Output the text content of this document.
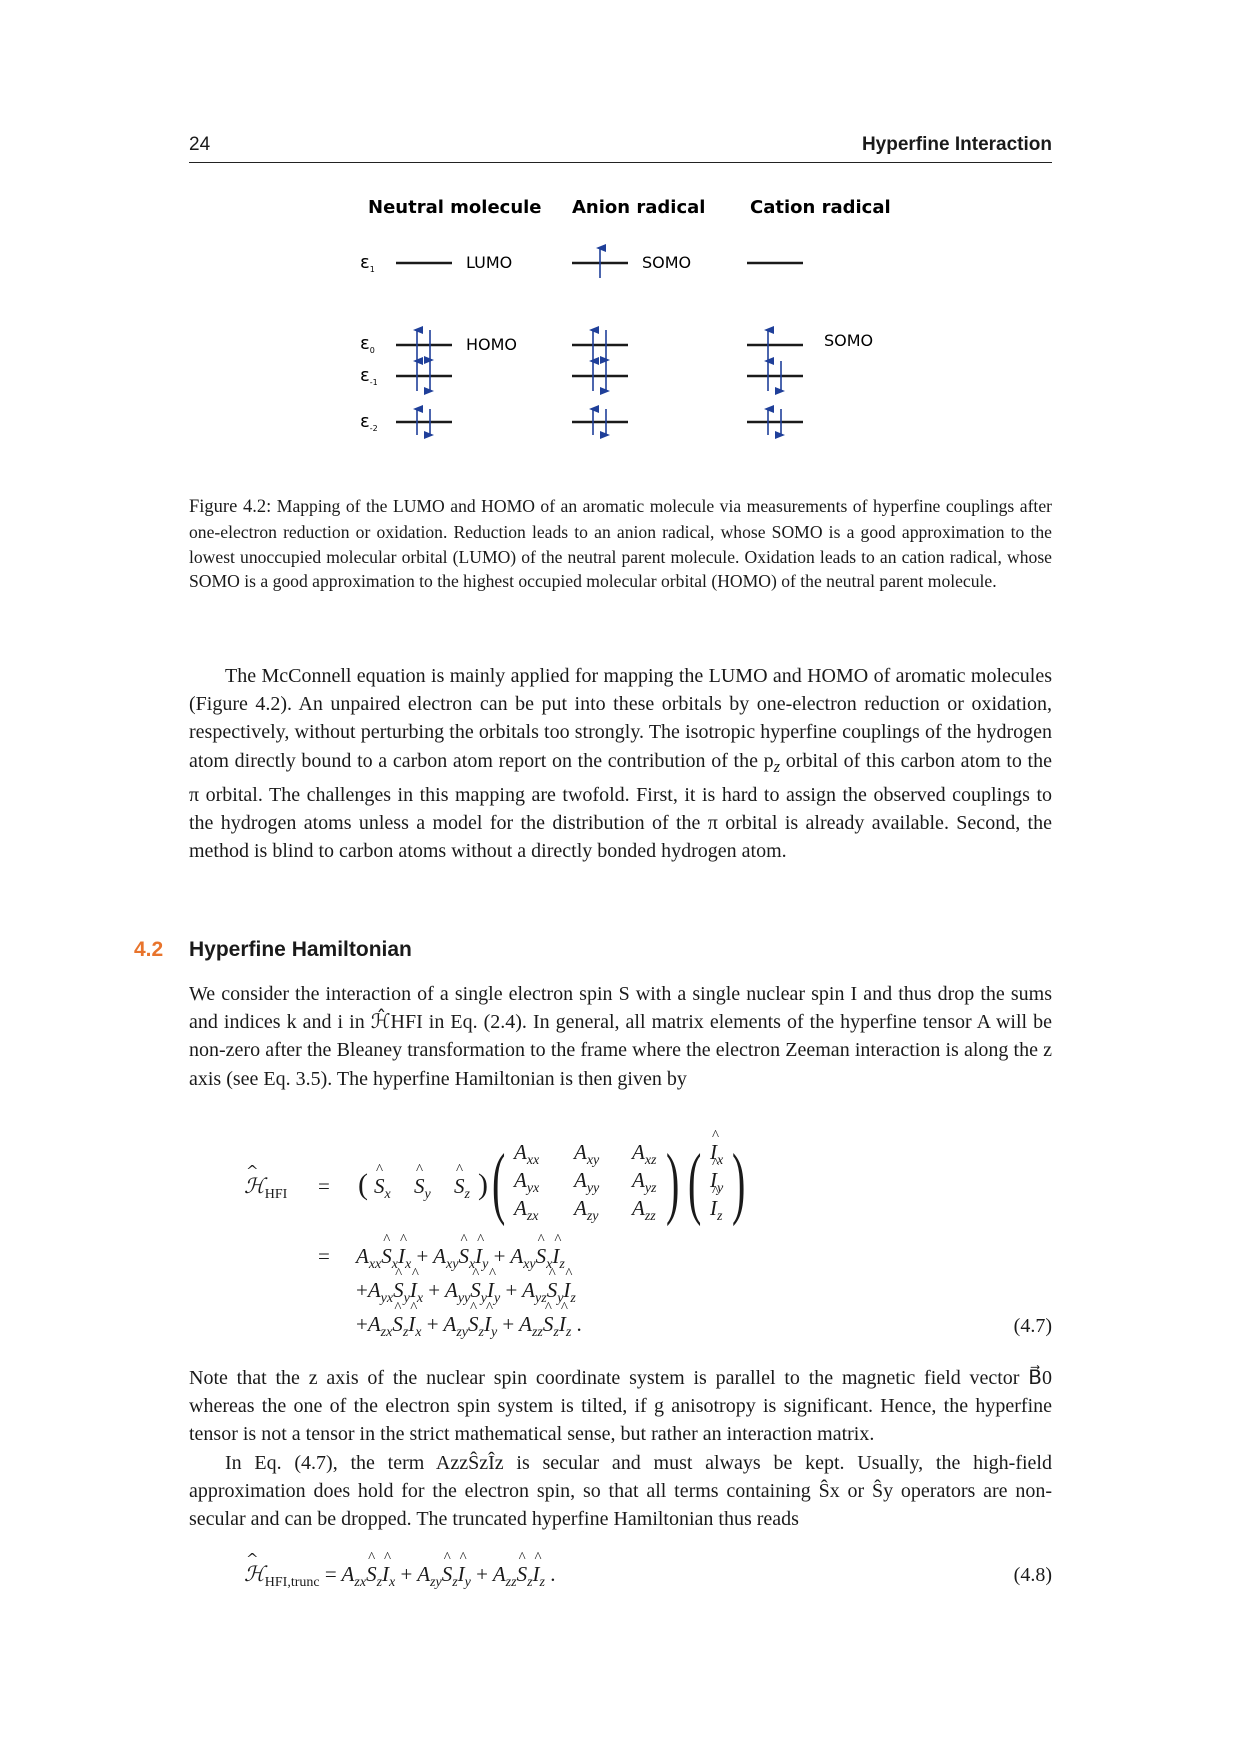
24	Hyperfine Interaction
Neutral molecule Anion radical Cation radical
$\varepsilon_1$
$\varepsilon_0$
$\varepsilon_{-1}$
$\varepsilon_{-2}$
LUMO
HOMO
SOMO
SOMO
Figure 4.2: Mapping of the LUMO and HOMO of an aromatic molecule via measurements of hyperfine couplings after one-electron reduction or oxidation. Reduction leads to an anion radical, whose SOMO is a good approximation to the lowest unoccupied molecular orbital (LUMO) of the neutral parent molecule. Oxidation leads to an cation radical, whose SOMO is a good approximation to the highest occupied molecular orbital (HOMO) of the neutral parent molecule.

The McConnell equation is mainly applied for mapping the LUMO and HOMO of aromatic molecules (Figure 4.2). An unpaired electron can be put into these orbitals by one-electron reduction or oxidation, respectively, without perturbing the orbitals too strongly. The isotropic hyperfine couplings of the hydrogen atom directly bound to a carbon atom report on the contribution of the $p_z$ orbital of this carbon atom to the π orbital. The challenges in this mapping are twofold. First, it is hard to assign the observed couplings to the hydrogen atoms unless a model for the distribution of the π orbital is already available. Second, the method is blind to carbon atoms without a directly bonded hydrogen atom.

4.2 Hyperfine Hamiltonian

We consider the interaction of a single electron spin S with a single nuclear spin I and thus drop the sums and indices k and i in ℋ̂HFI in Eq. (2.4). In general, all matrix elements of the hyperfine tensor A will be non-zero after the Bleaney transformation to the frame where the electron Zeeman interaction is along the z axis (see Eq. 3.5). The hyperfine Hamiltonian is then given by

^ ℋ$_{HFI}$ = ( ^ $S_x$ ^ $S_y$ ^ $S_z$ ) ( $A_{xx}$ $A_{xy}$ $A_{xz}$
$A_{yx}$ $A_{yy}$ $A_{yz}$
$A_{zx}$ $A_{zy}$ $A_{zz}$ ) ( ^ $I_x$
^ $I_y$
^ $I_z$ )
= $A_{xx}\^{}$ $S_x\^{}$ $I_x$ + $A_{xy}\^{}$ $S_x\^{}$ $I_y$ + $A_{xy}\^{}$ $S_x\^{}$ $I_z$
$+A_{yx}\^{}$ $S_y\^{}$ $I_x$ + $A_{yy}\^{}$ $S_y\^{}$ $I_y$ + $A_{yz}\^{}$ $S_y\^{}$ $I_z$
$+A_{zx}\^{}$ $S_z\^{}$ $I_x$ + $A_{zy}\^{}$ $S_z\^{}$ $I_y$ + $A_{zz}\^{}$ $S_z\^{}$ $I_z$ .	(4.7)

Note that the z axis of the nuclear spin coordinate system is parallel to the magnetic field vector B⃗0 whereas the one of the electron spin system is tilted, if g anisotropy is significant. Hence, the hyperfine tensor is not a tensor in the strict mathematical sense, but rather an interaction matrix.

In Eq. (4.7), the term AzzŜzÎz is secular and must always be kept. Usually, the high-field approximation does hold for the electron spin, so that all terms containing Ŝx or Ŝy operators are non-secular and can be dropped. The truncated hyperfine Hamiltonian thus reads

^ ℋ$_{HFI,trunc}$ = $A_{zx}\^{}$ $S_z\^{}$ $I_x$ + $A_{zy}\^{}$ $S_z\^{}$ $I_y$ + $A_{zz}\^{}$ $S_z\^{}$ $I_z$ .	(4.8)
